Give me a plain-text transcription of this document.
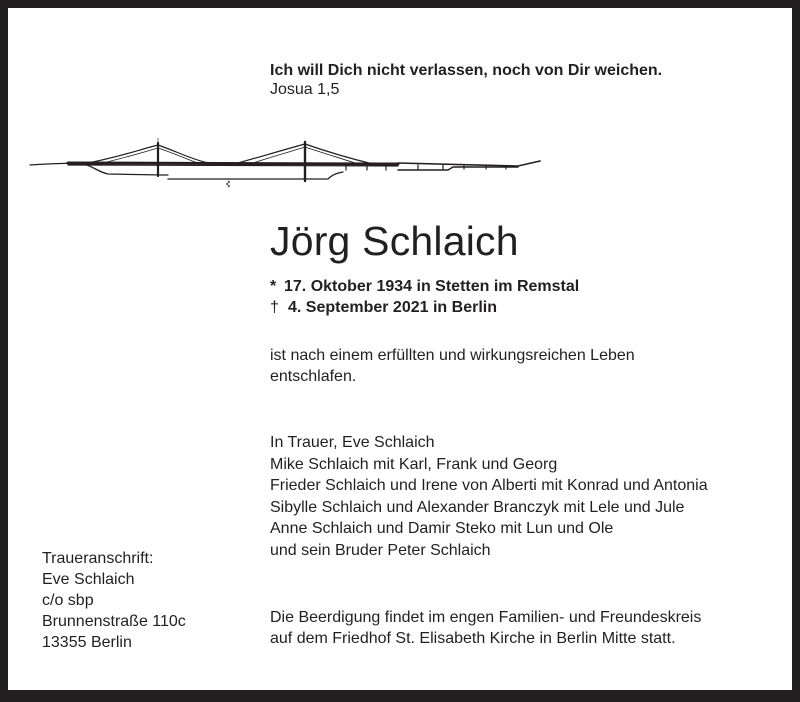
Ich will Dich nicht verlassen, noch von Dir weichen.
Josua 1,5
Jörg Schlaich
* 17. Oktober 1934 in Stetten im Remstal
† 4. September 2021 in Berlin
ist nach einem erfüllten und wirkungsreichen Leben
entschlafen.
In Trauer, Eve Schlaich
Mike Schlaich mit Karl, Frank und Georg
Frieder Schlaich und Irene von Alberti mit Konrad und Antonia
Sibylle Schlaich und Alexander Branczyk mit Lele und Jule
Anne Schlaich und Damir Steko mit Lun und Ole
und sein Bruder Peter Schlaich
Traueranschrift:
Eve Schlaich
c/o sbp
Brunnenstraße 110c
13355 Berlin
Die Beerdigung findet im engen Familien- und Freundeskreis
auf dem Friedhof St. Elisabeth Kirche in Berlin Mitte statt.
